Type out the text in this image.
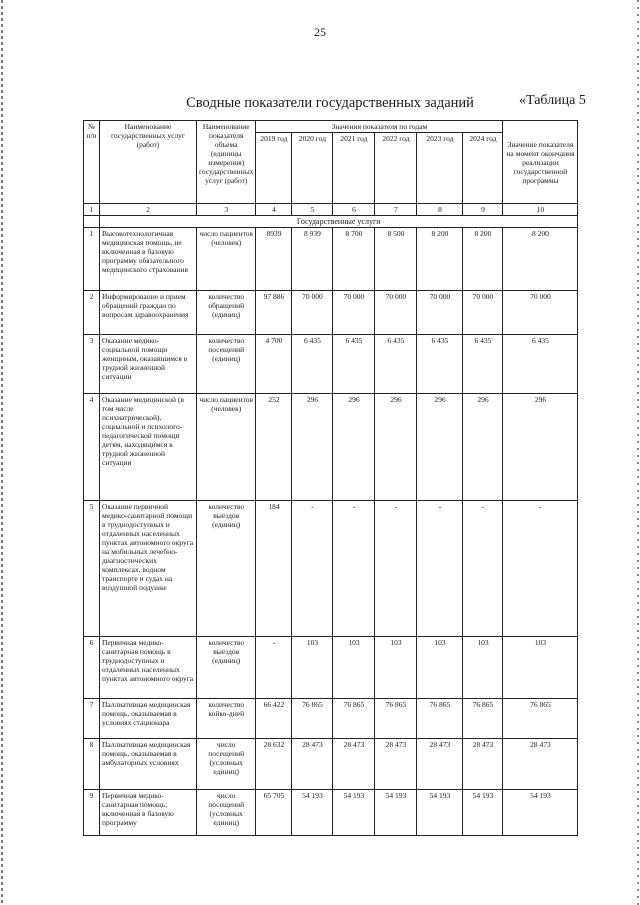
25
«Таблица 5
Сводные показатели государственных заданий
№ п/п	Наименование государственных услуг (работ)	Наименование показателя объема (единицы измерения) государственных услуг (работ)	Значения показателя по годам						Значение показателя на момент окончания реализации государственной программы
			2019 год	2020 год	2021 год	2022 год	2023 год	2024 год	
1	2	3	4	5	6	7	8	9	10
	Государственные услуги								
1	Высокотехнологичная медицинская помощь, не включенная в базовую программу обязательного медицинского страхования	число пациентов (человек)	8939	8 939	8 700	8 500	8 200	8 200	8 200
2	Информирование и прием обращений граждан по вопросам здравоохранения	количество обращений (единиц)	97 886	70 000	70 000	70 000	70 000	70 000	70 000
3	Оказание медико-социальной помощи женщинам, оказавшимся в трудной жизненной ситуации	количество посещений (единиц)	4 700	6 435	6 435	6 435	6 435	6 435	6 435
4	Оказание медицинской (в том числе психиатрической), социальной и психолого-педагогической помощи детям, находящимся в трудной жизненной ситуации	число пациентов (человек)	252	296	296	296	296	296	296
5	Оказание первичной медико-санитарной помощи в труднодоступных и отдаленных населенных пунктах автономного округа на мобильных лечебно-диагностических комплексах, водном транспорте и судах на воздушной подушке	количество выездов (единиц)	184	-	-	-	-	-	-
6	Первичная медико-санитарная помощь в труднодоступных и отдаленных населенных пунктах автономного округа	количество выездов (единиц)	-	103	103	103	103	103	103
7	Паллиативная медицинская помощь, оказываемая в условиях стационара	количество койко-дней	66 422	76 865	76 865	76 865	76 865	76 865	76 865
8	Паллиативная медицинская помощь, оказываемая в амбулаторных условиях	число посещений (условных единиц)	28 632	28 473	28 473	28 473	28 473	28 473	28 473
9	Первичная медико-санитарная помощь, включенная в базовую программу	число посещений (условных единиц)	65 705	54 193	54 193	54 193	54 193	54 193	54 193
